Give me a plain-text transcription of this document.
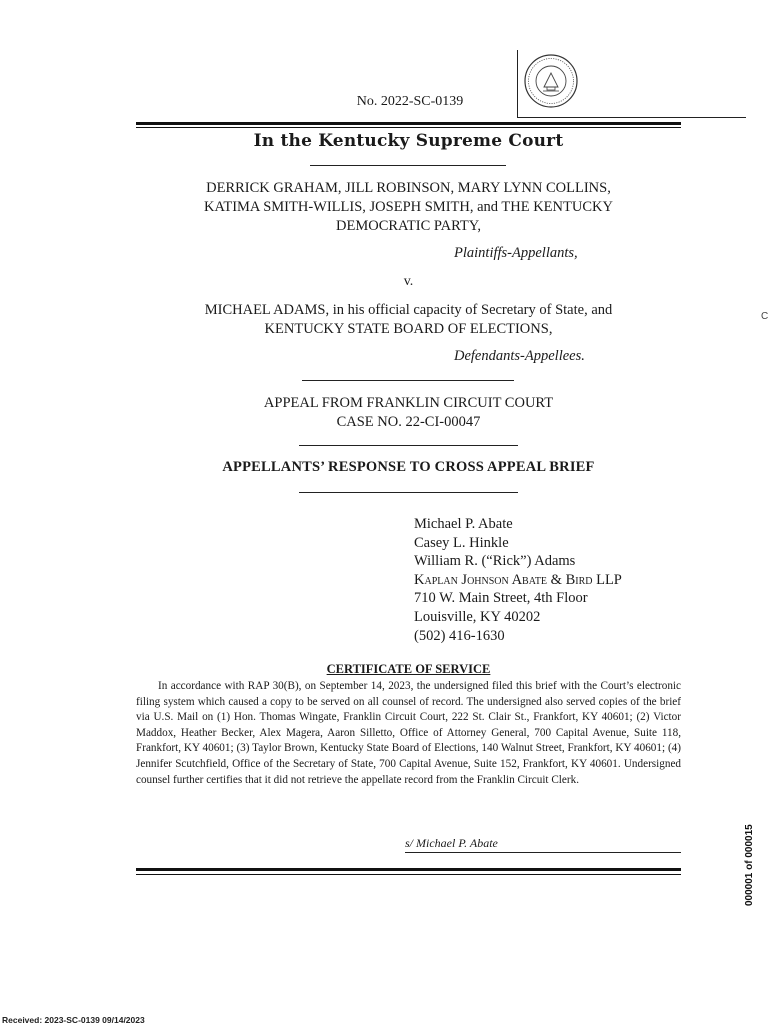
No. 2022-SC-0139
In the Kentucky Supreme Court
DERRICK GRAHAM, JILL ROBINSON, MARY LYNN COLLINS,
KATIMA SMITH-WILLIS, JOSEPH SMITH, and THE KENTUCKY
DEMOCRATIC PARTY,
Plaintiffs-Appellants,
v.
MICHAEL ADAMS, in his official capacity of Secretary of State, and
KENTUCKY STATE BOARD OF ELECTIONS,
Defendants-Appellees.
APPEAL FROM FRANKLIN CIRCUIT COURT
CASE NO. 22-CI-00047
APPELLANTS’ RESPONSE TO CROSS APPEAL BRIEF
Michael P. Abate
Casey L. Hinkle
William R. (“Rick”) Adams
Kaplan Johnson Abate & Bird LLP
710 W. Main Street, 4th Floor
Louisville, KY 40202
(502) 416-1630
CERTIFICATE OF SERVICE

In accordance with RAP 30(B), on September 14, 2023, the undersigned filed this brief with the Court’s electronic filing system which caused a copy to be served on all counsel of record. The undersigned also served copies of the brief via U.S. Mail on (1) Hon. Thomas Wingate, Franklin Circuit Court, 222 St. Clair St., Frankfort, KY 40601; (2) Victor Maddox, Heather Becker, Alex Magera, Aaron Silletto, Office of Attorney General, 700 Capital Avenue, Suite 118, Frankfort, KY 40601; (3) Taylor Brown, Kentucky State Board of Elections, 140 Walnut Street, Frankfort, KY 40601; (4) Jennifer Scutchfield, Office of the Secretary of State, 700 Capital Avenue, Suite 152, Frankfort, KY 40601. Undersigned counsel further certifies that it did not retrieve the appellate record from the Franklin Circuit Clerk.

s/ Michael P. Abate
C
000001 of 000015
Received: 2023-SC-0139 09/14/2023
